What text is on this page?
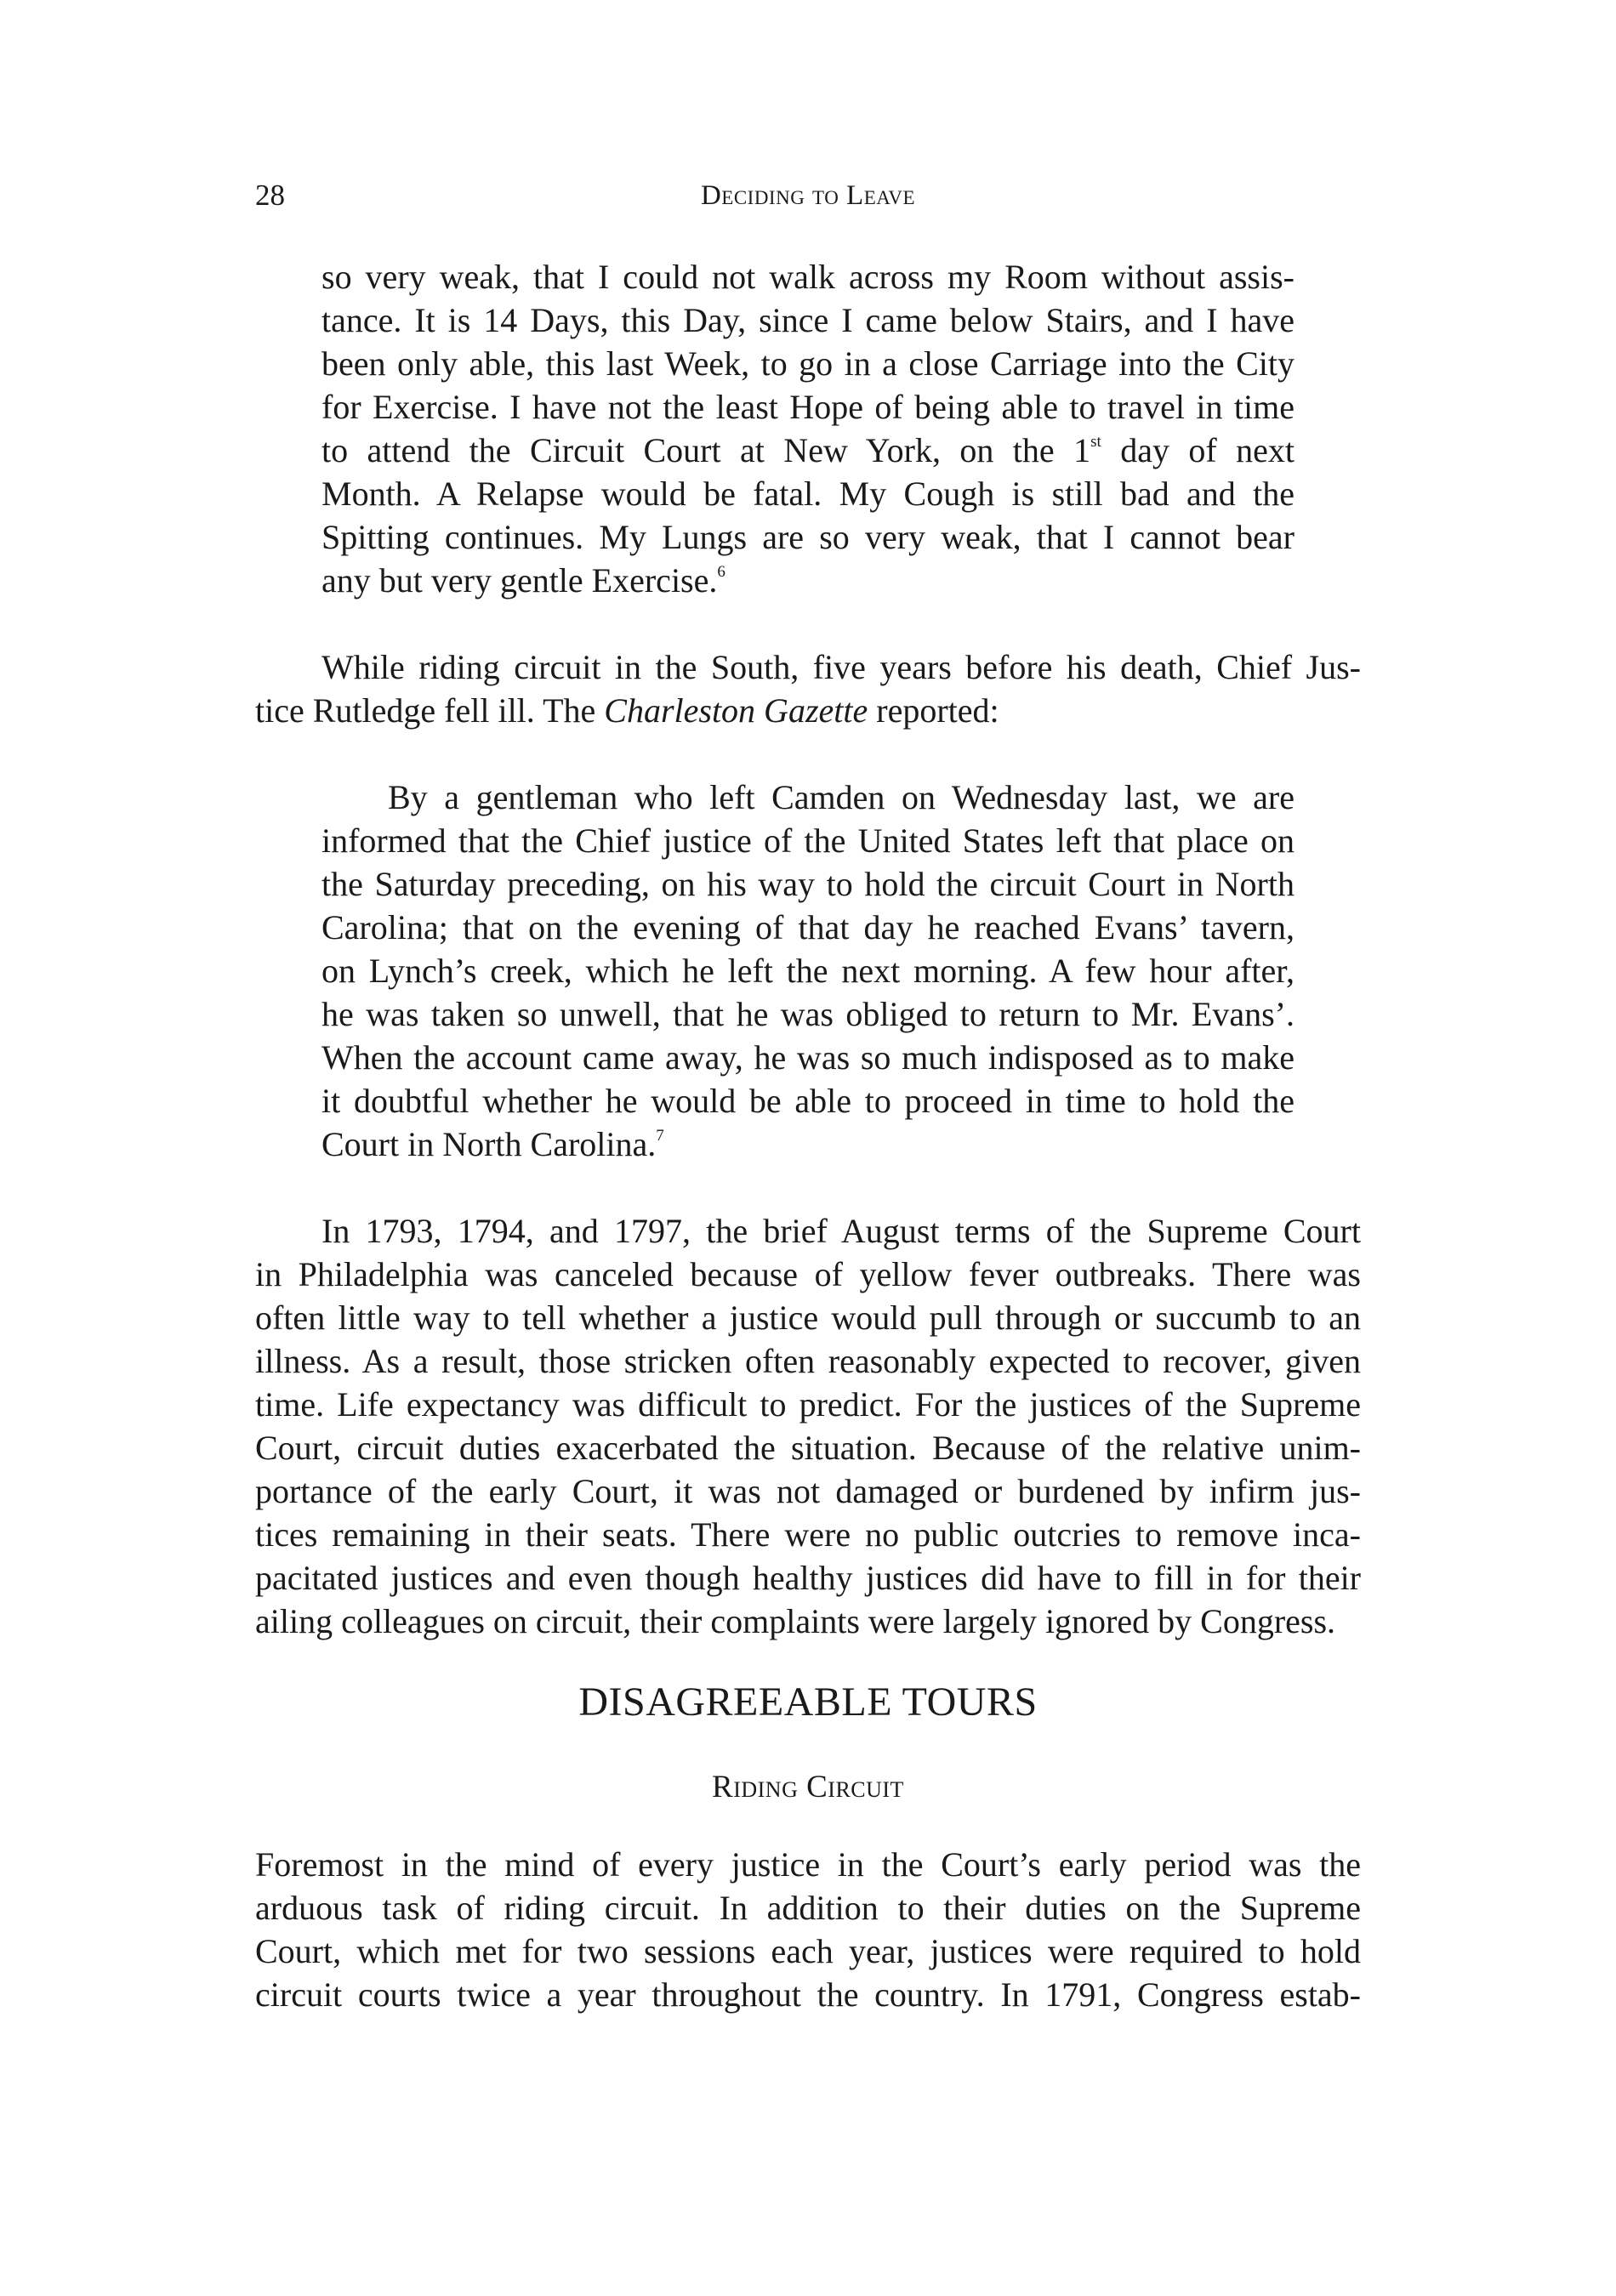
28	Deciding to Leave
so very weak, that I could not walk across my Room without assis-
tance. It is 14 Days, this Day, since I came below Stairs, and I have
been only able, this last Week, to go in a close Carriage into the City
for Exercise. I have not the least Hope of being able to travel in time
to attend the Circuit Court at New York, on the 1st day of next
Month. A Relapse would be fatal. My Cough is still bad and the
Spitting continues. My Lungs are so very weak, that I cannot bear
any but very gentle Exercise.$^6$
While riding circuit in the South, five years before his death, Chief Jus-
tice Rutledge fell ill. The Charleston Gazette reported:
By a gentleman who left Camden on Wednesday last, we are
informed that the Chief justice of the United States left that place on
the Saturday preceding, on his way to hold the circuit Court in North
Carolina; that on the evening of that day he reached Evans’ tavern,
on Lynch’s creek, which he left the next morning. A few hour after,
he was taken so unwell, that he was obliged to return to Mr. Evans’.
When the account came away, he was so much indisposed as to make
it doubtful whether he would be able to proceed in time to hold the
Court in North Carolina.$^7$
In 1793, 1794, and 1797, the brief August terms of the Supreme Court
in Philadelphia was canceled because of yellow fever outbreaks. There was
often little way to tell whether a justice would pull through or succumb to an
illness. As a result, those stricken often reasonably expected to recover, given
time. Life expectancy was difficult to predict. For the justices of the Supreme
Court, circuit duties exacerbated the situation. Because of the relative unim-
portance of the early Court, it was not damaged or burdened by infirm jus-
tices remaining in their seats. There were no public outcries to remove inca-
pacitated justices and even though healthy justices did have to fill in for their
ailing colleagues on circuit, their complaints were largely ignored by Congress.
DISAGREEABLE TOURS
Riding Circuit
Foremost in the mind of every justice in the Court’s early period was the
arduous task of riding circuit. In addition to their duties on the Supreme
Court, which met for two sessions each year, justices were required to hold
circuit courts twice a year throughout the country. In 1791, Congress estab-
